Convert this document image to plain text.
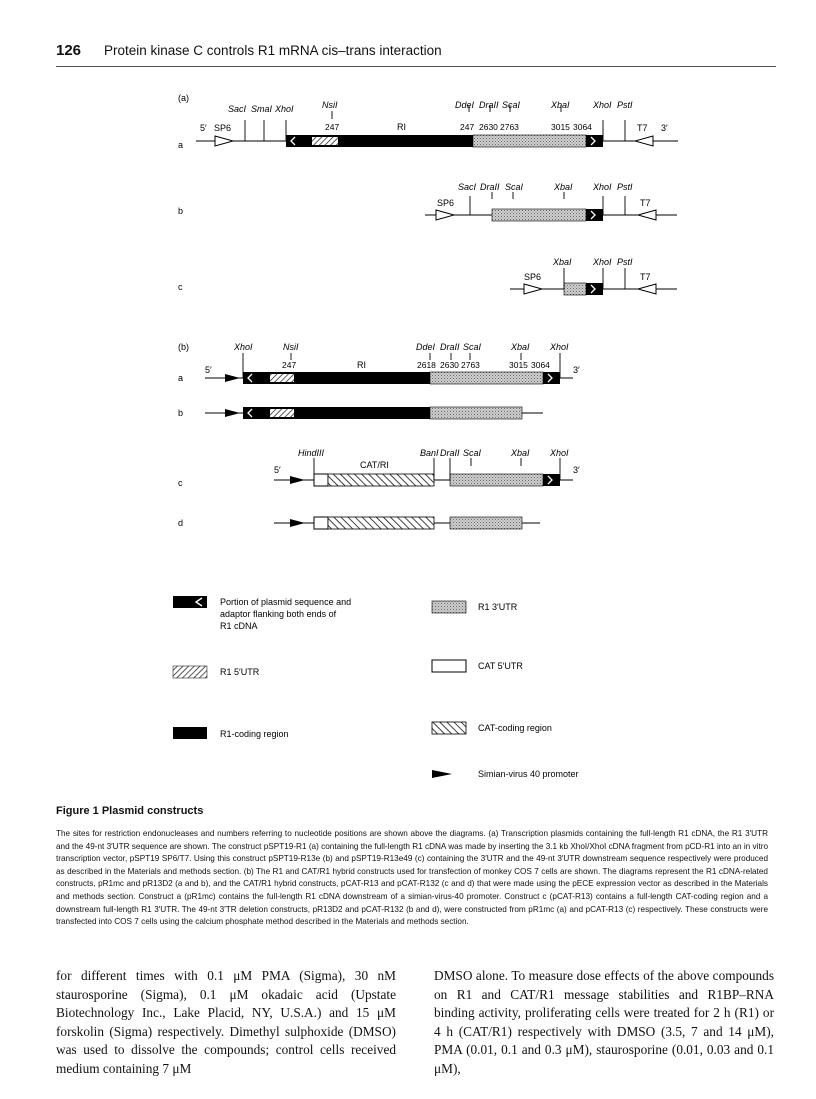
126 Protein kinase C controls R1 mRNA cis–trans interaction
(a)
a
5′ SP6	T7 3′
SacI SmaI XhoI	NsiI	DdeI DraII ScaI	XbaI	XhoI PstI
247	247 2630 2763	3015 3064
RI
b
SP6	T7
SacI DraII ScaI	XbaI XhoI PstI
c
SP6	T7
XbaI XhoI PstI
(b)
a
5′	3′
XhoI	NsiI	DdeI DraII ScaI	XbaI XhoI
247	2618 2630 2763	3015 3064
RI
b
c
5′	3′
HindIII	BanI DraII ScaI	XbaI XhoI
CAT/RI
d
Portion of plasmid sequence and
adaptor flanking both ends of
R1 cDNA
R1 3′UTR
R1 5′UTR
CAT 5′UTR
R1-coding region
CAT-coding region
Simian-virus 40 promoter
Figure 1 Plasmid constructs
The sites for restriction endonucleases and numbers referring to nucleotide positions are shown above the diagrams. (a) Transcription plasmids containing the full-length R1 cDNA, the R1 3′UTR and the 49-nt 3′UTR sequence are shown. The construct pSPT19-R1 (a) containing the full-length R1 cDNA was made by inserting the 3.1 kb XhoI/XhoI cDNA fragment from pCD-R1 into an in vitro transcription vector, pSPT19 SP6/T7. Using this construct pSPT19-R13e (b) and pSPT19-R13e49 (c) containing the 3′UTR and the 49-nt 3′UTR downstream sequence respectively were produced as described in the Materials and methods section. (b) The R1 and CAT/R1 hybrid constructs used for transfection of monkey COS 7 cells are shown. The diagrams represent the R1 cDNA-related constructs, pR1mc and pR13D2 (a and b), and the CAT/R1 hybrid constructs, pCAT-R13 and pCAT-R132 (c and d) that were made using the pECE expression vector as described in the Materials and methods section. Construct a (pR1mc) contains the full-length R1 cDNA downstream of a simian-virus-40 promoter. Construct c (pCAT-R13) contains a full-length CAT-coding region and a downstream full-length R1 3′UTR. The 49-nt 3′TR deletion constructs, pR13D2 and pCAT-R132 (b and d), were constructed from pR1mc (a) and pCAT-R13 (c) respectively. These constructs were transfected into COS 7 cells using the calcium phosphate method described in the Materials and methods section.
for different times with 0.1 μM PMA (Sigma), 30 nM staurosporine (Sigma), 0.1 μM okadaic acid (Upstate Biotechnology Inc., Lake Placid, NY, U.S.A.) and 15 μM forskolin (Sigma) respectively. Dimethyl sulphoxide (DMSO) was used to dissolve the compounds; control cells received medium containing 7 μM
DMSO alone. To measure dose effects of the above compounds on R1 and CAT/R1 message stabilities and R1BP–RNA binding activity, proliferating cells were treated for 2 h (R1) or 4 h (CAT/R1) respectively with DMSO (3.5, 7 and 14 μM), PMA (0.01, 0.1 and 0.3 μM), staurosporine (0.01, 0.03 and 0.1 μM),
